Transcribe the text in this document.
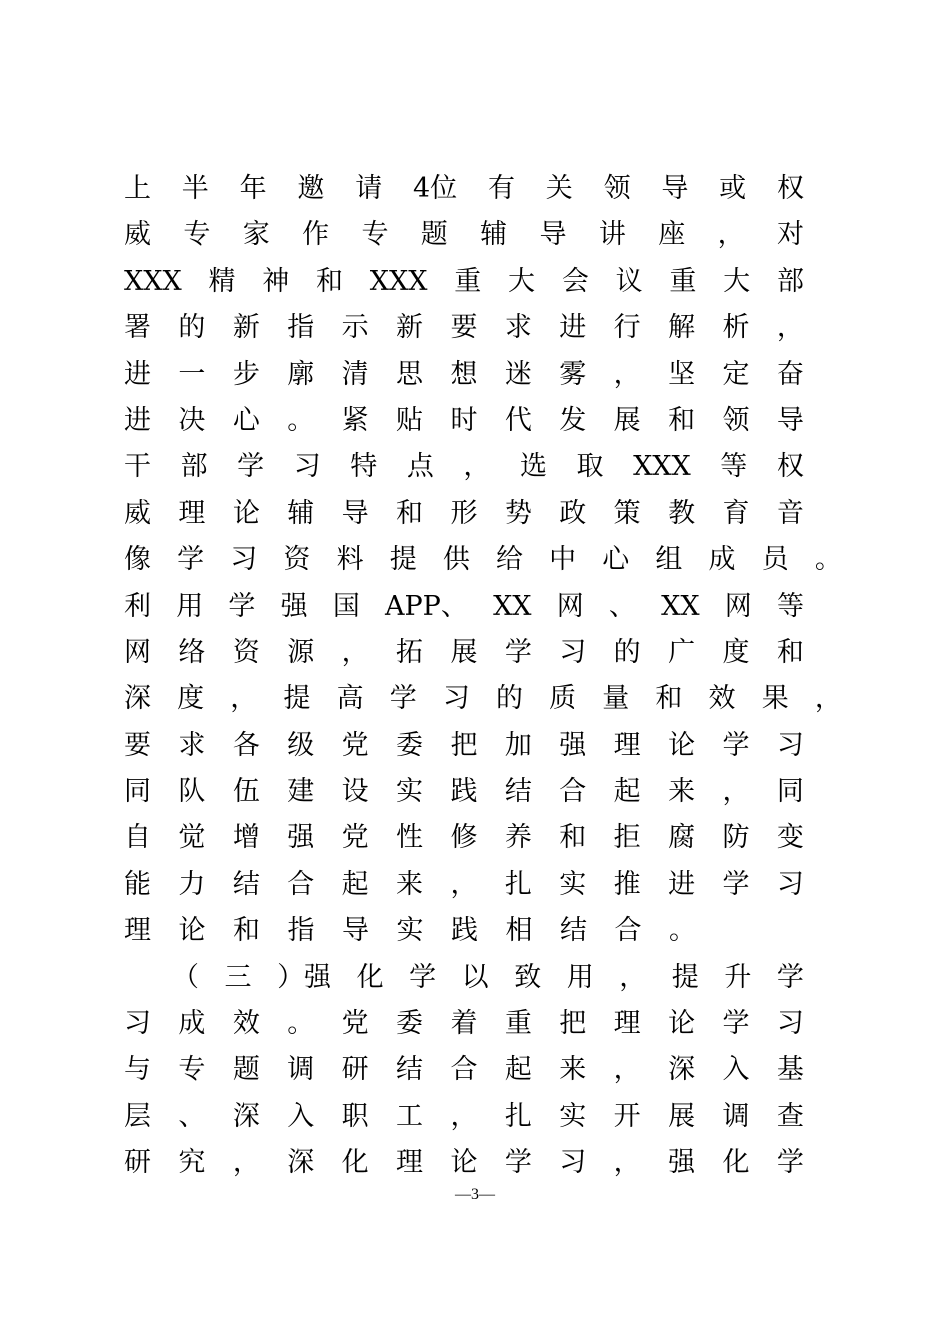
上 半 年 邀 请 4位 有 关 领 导 或 权
威 专 家 作 专 题 辅 导 讲 座 ， 对
XXX 精 神 和 XXX 重 大 会 议 重 大 部
署 的 新 指 示 新 要 求 进 行 解 析 ，
进 一 步 廓 清 思 想 迷 雾 ， 坚 定 奋
进 决 心 。 紧 贴 时 代 发 展 和 领 导
干 部 学 习 特 点 ， 选 取 XXX 等 权
威 理 论 辅 导 和 形 势 政 策 教 育 音
像 学 习 资 料 提 供 给 中 心 组 成 员 。
利 用 学 强 国 APP、 XX 网 、 XX 网 等
网 络 资 源 ， 拓 展 学 习 的 广 度 和
深 度 ， 提 高 学 习 的 质 量 和 效 果 ，
要 求 各 级 党 委 把 加 强 理 论 学 习
同 队 伍 建 设 实 践 结 合 起 来 ， 同
自 觉 增 强 党 性 修 养 和 拒 腐 防 变
能 力 结 合 起 来 ， 扎 实 推 进 学 习
理 论 和 指 导 实 践 相 结 合 。
（ 三 ）强 化 学 以 致 用 ， 提 升 学
习 成 效 。 党 委 着 重 把 理 论 学 习
与 专 题 调 研 结 合 起 来 ， 深 入 基
层 、 深 入 职 工 ， 扎 实 开 展 调 查
研 究 ， 深 化 理 论 学 习 ， 强 化 学
—3—
